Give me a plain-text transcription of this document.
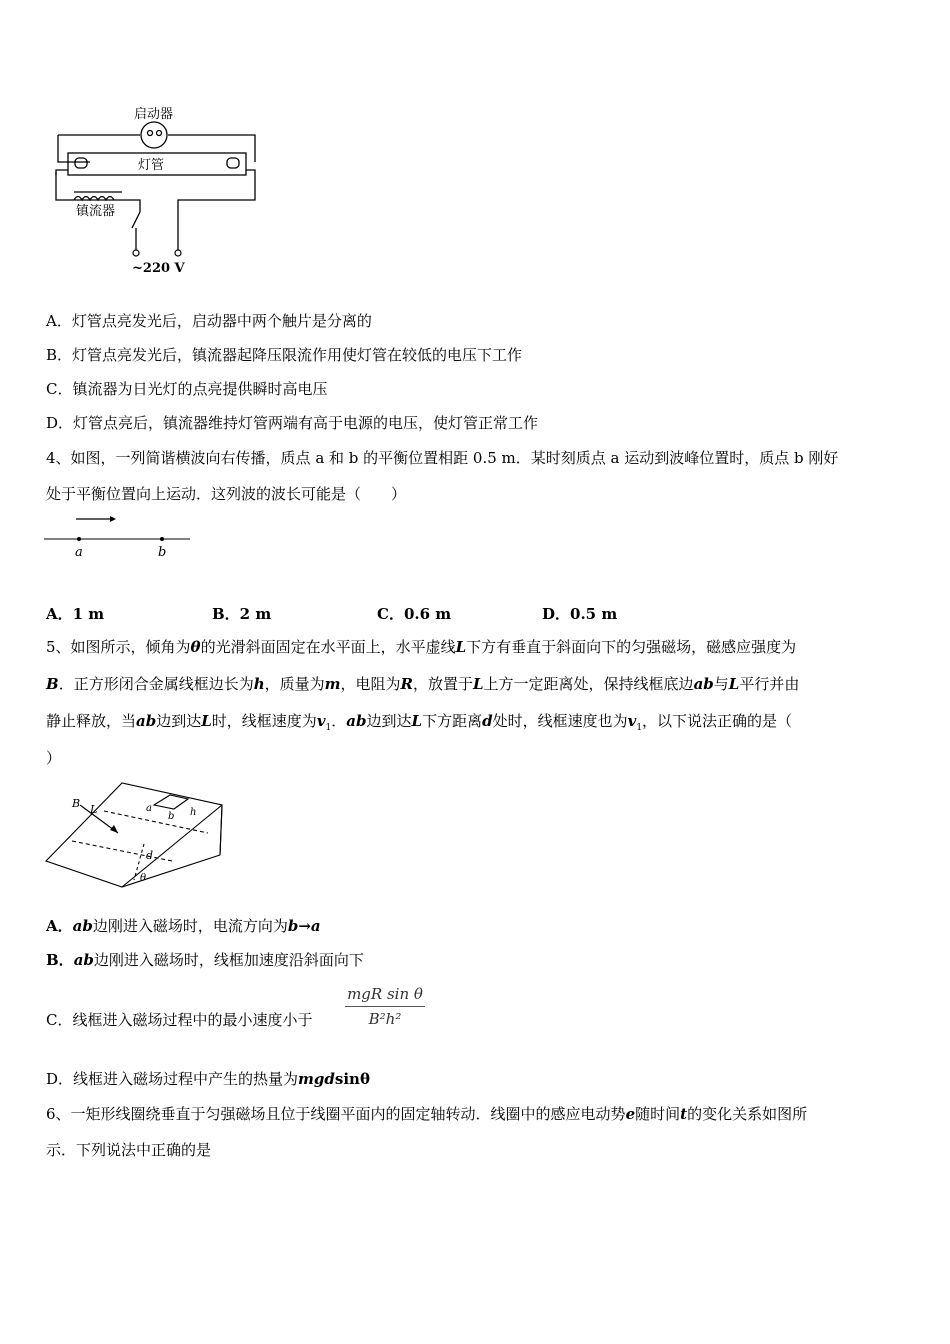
启动器
灯管
镇流器
~220 V
A．灯管点亮发光后，启动器中两个触片是分离的
B．灯管点亮发光后，镇流器起降压限流作用使灯管在较低的电压下工作
C．镇流器为日光灯的点亮提供瞬时高电压
D．灯管点亮后，镇流器维持灯管两端有高于电源的电压，使灯管正常工作
4、如图，一列简谐横波向右传播，质点 a 和 b 的平衡位置相距 0.5 m．某时刻质点 a 运动到波峰位置时，质点 b 刚好
处于平衡位置向上运动．这列波的波长可能是（　　）
a	b
A．1 m	B．2 m	C．0.6 m	D．0.5 m
5、如图所示，倾角为θ的光滑斜面固定在水平面上，水平虚线L下方有垂直于斜面向下的匀强磁场，磁感应强度为
B．正方形闭合金属线框边长为h，质量为m，电阻为R，放置于L上方一定距离处，保持线框底边ab与L平行并由
静止释放，当ab边到达L时，线框速度为$v_1$．ab边到达L下方距离d处时，线框速度也为$v_1$，以下说法正确的是（
）
B L	a
b h
d
θ
A．ab边刚进入磁场时，电流方向为b→a
B．ab边刚进入磁场时，线框加速度沿斜面向下
C．线框进入磁场过程中的最小速度小于
mgR sin θ
B²h²
D．线框进入磁场过程中产生的热量为mgdsinθ
6、一矩形线圈绕垂直于匀强磁场且位于线圈平面内的固定轴转动．线圈中的感应电动势e随时间t的变化关系如图所
示．下列说法中正确的是
